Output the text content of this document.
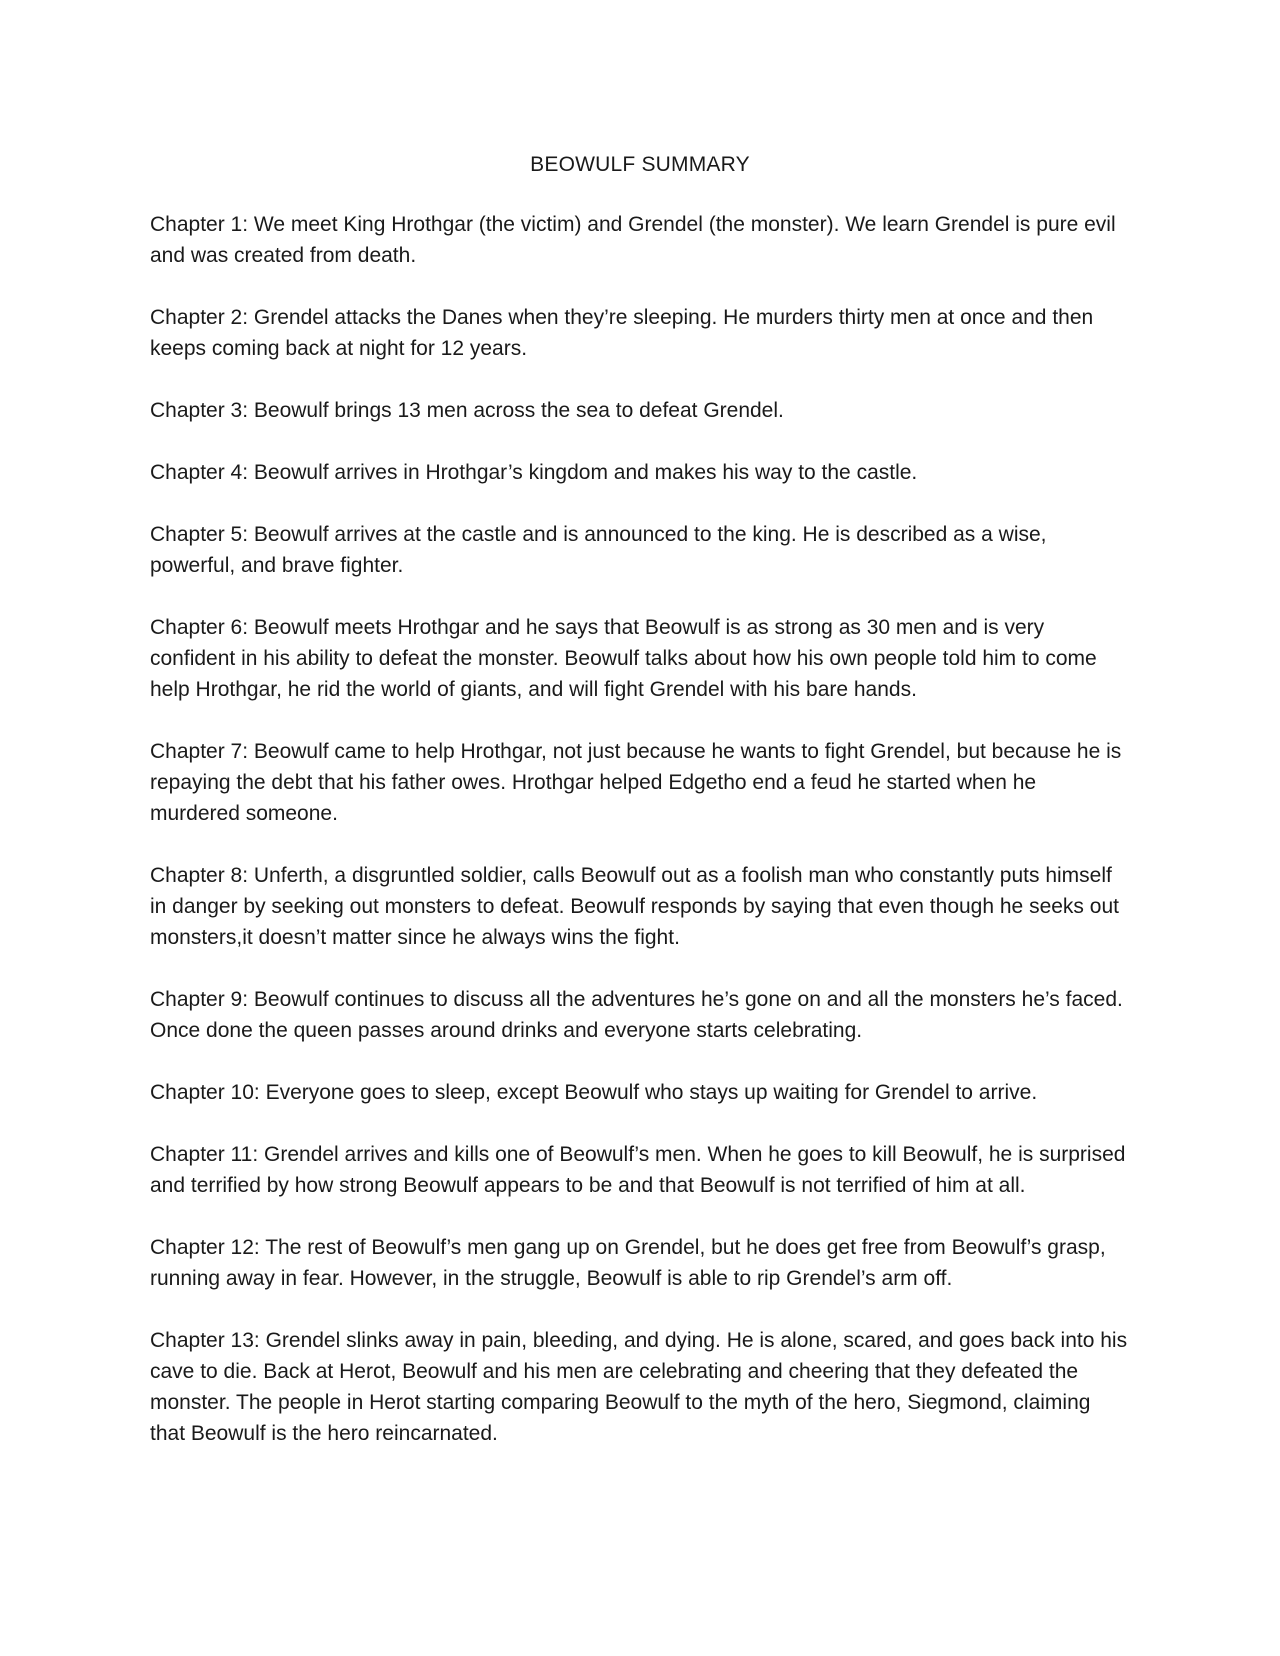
BEOWULF SUMMARY

Chapter 1: We meet King Hrothgar (the victim) and Grendel (the monster). We learn Grendel is pure evil and was created from death.

Chapter 2: Grendel attacks the Danes when they’re sleeping. He murders thirty men at once and then keeps coming back at night for 12 years.

Chapter 3: Beowulf brings 13 men across the sea to defeat Grendel.

Chapter 4: Beowulf arrives in Hrothgar’s kingdom and makes his way to the castle.

Chapter 5: Beowulf arrives at the castle and is announced to the king. He is described as a wise, powerful, and brave fighter.

Chapter 6: Beowulf meets Hrothgar and he says that Beowulf is as strong as 30 men and is very confident in his ability to defeat the monster. Beowulf talks about how his own people told him to come help Hrothgar, he rid the world of giants, and will fight Grendel with his bare hands.

Chapter 7: Beowulf came to help Hrothgar, not just because he wants to fight Grendel, but because he is repaying the debt that his father owes. Hrothgar helped Edgetho end a feud he started when he murdered someone.

Chapter 8: Unferth, a disgruntled soldier, calls Beowulf out as a foolish man who constantly puts himself in danger by seeking out monsters to defeat. Beowulf responds by saying that even though he seeks out monsters,it doesn’t matter since he always wins the fight.

Chapter 9: Beowulf continues to discuss all the adventures he’s gone on and all the monsters he’s faced. Once done the queen passes around drinks and everyone starts celebrating.

Chapter 10: Everyone goes to sleep, except Beowulf who stays up waiting for Grendel to arrive.

Chapter 11: Grendel arrives and kills one of Beowulf’s men. When he goes to kill Beowulf, he is surprised and terrified by how strong Beowulf appears to be and that Beowulf is not terrified of him at all.

Chapter 12: The rest of Beowulf’s men gang up on Grendel, but he does get free from Beowulf’s grasp, running away in fear. However, in the struggle, Beowulf is able to rip Grendel’s arm off.

Chapter 13: Grendel slinks away in pain, bleeding, and dying. He is alone, scared, and goes back into his cave to die. Back at Herot, Beowulf and his men are celebrating and cheering that they defeated the monster. The people in Herot starting comparing Beowulf to the myth of the hero, Siegmond, claiming that Beowulf is the hero reincarnated.
